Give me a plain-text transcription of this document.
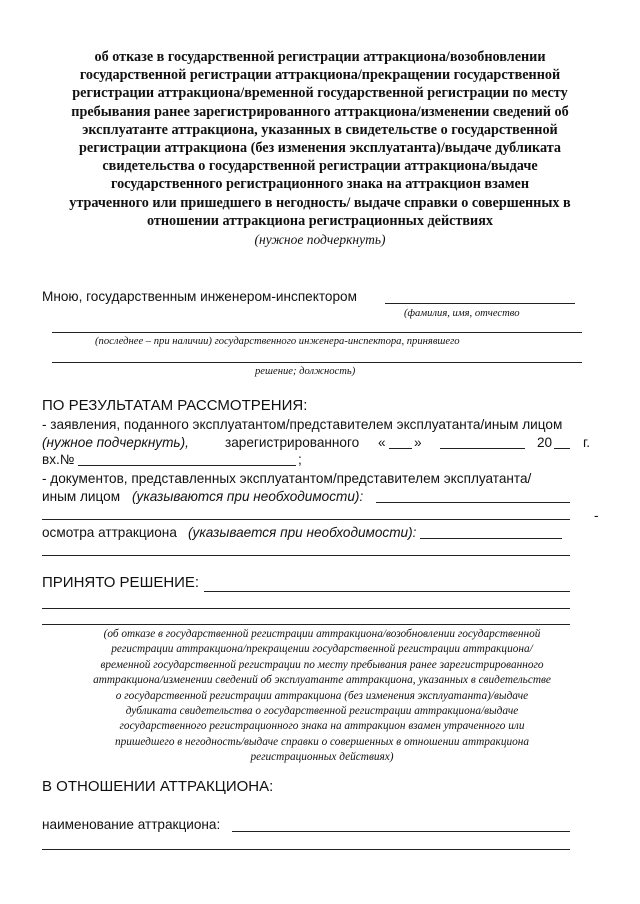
об отказе в государственной регистрации аттракциона/возобновлении
государственной регистрации аттракциона/прекращении государственной
регистрации аттракциона/временной государственной регистрации по месту
пребывания ранее зарегистрированного аттракциона/изменении сведений об
эксплуатанте аттракциона, указанных в свидетельстве о государственной
регистрации аттракциона (без изменения эксплуатанта)/выдаче дубликата
свидетельства о государственной регистрации аттракциона/выдаче
государственного регистрационного знака на аттракцион взамен
утраченного или пришедшего в негодность/ выдаче справки о совершенных в
отношении аттракциона регистрационных действиях
(нужное подчеркнуть)
Мною, государственным инженером-инспектором
(фамилия, имя, отчество
(последнее – при наличии) государственного инженера-инспектора, принявшего
решение; должность)
ПО РЕЗУЛЬТАТАМ РАССМОТРЕНИЯ:
- заявления, поданного эксплуатантом/представителем эксплуатанта/иным лицом
(нужное подчеркнуть),	зарегистрированного « »	20 г.
вх.№	;
- документов, представленных эксплуатантом/представителем эксплуатанта/
иным лицом (указываются при необходимости):
-
осмотра аттракциона (указывается при необходимости):
ПРИНЯТО РЕШЕНИЕ:
(об отказе в государственной регистрации аттракциона/возобновлении государственной
регистрации аттракциона/прекращении государственной регистрации аттракциона/
временной государственной регистрации по месту пребывания ранее зарегистрированного
аттракциона/изменении сведений об эксплуатанте аттракциона, указанных в свидетельстве
о государственной регистрации аттракциона (без изменения эксплуатанта)/выдаче
дубликата свидетельства о государственной регистрации аттракциона/выдаче
государственного регистрационного знака на аттракцион взамен утраченного или
пришедшего в негодность/выдаче справки о совершенных в отношении аттракциона
регистрационных действиях)
В ОТНОШЕНИИ АТТРАКЦИОНА:
наименование аттракциона:
